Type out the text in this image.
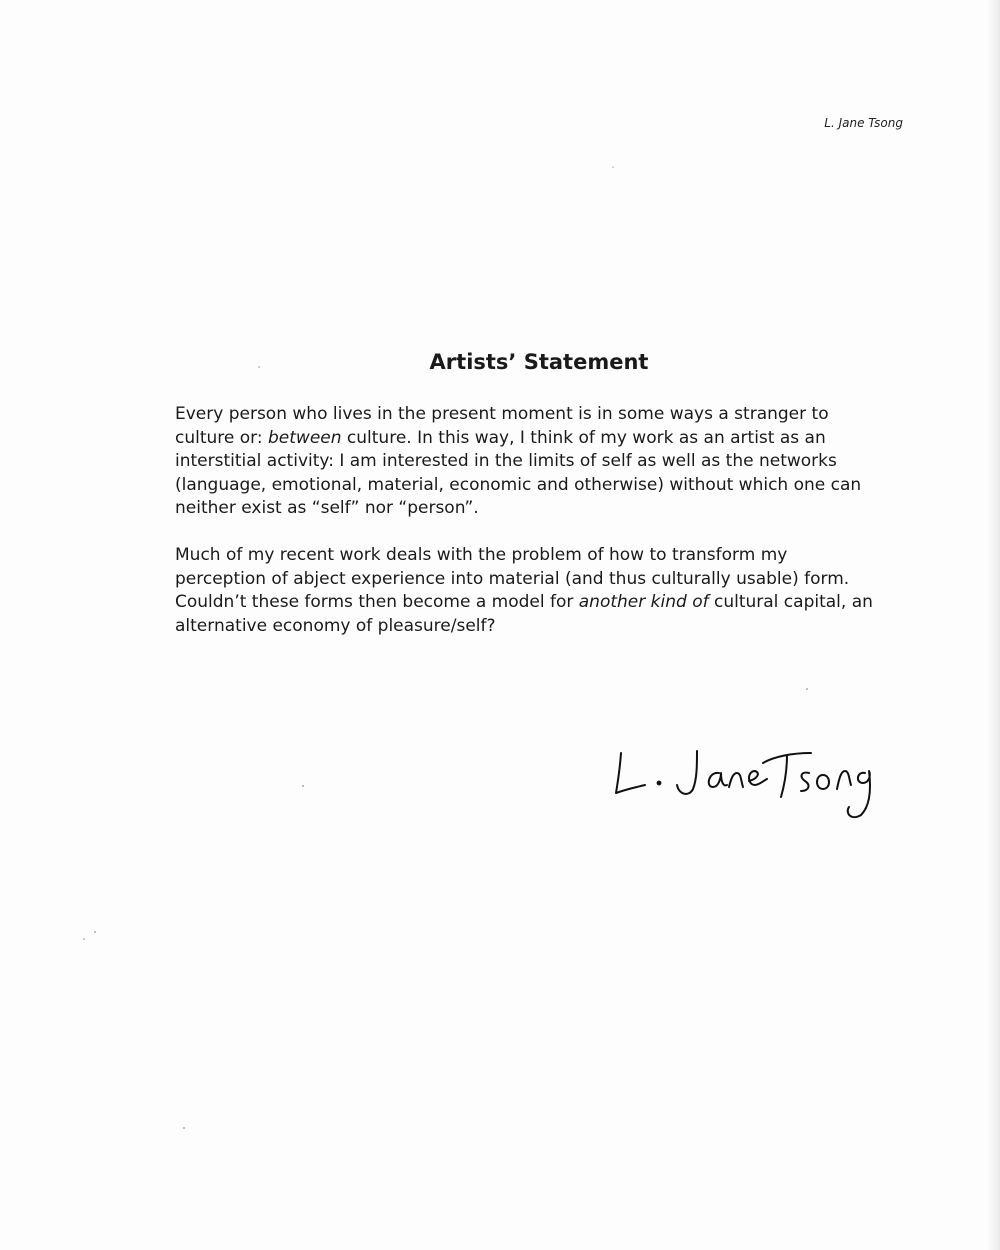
L. Jane Tsong
Artists’ Statement

Every person who lives in the present moment is in some ways a stranger to
culture or: between culture. In this way, I think of my work as an artist as an
interstitial activity: I am interested in the limits of self as well as the networks
(language, emotional, material, economic and otherwise) without which one can
neither exist as “self” nor “person”.

Much of my recent work deals with the problem of how to transform my
perception of abject experience into material (and thus culturally usable) form.
Couldn’t these forms then become a model for another kind of cultural capital, an
alternative economy of pleasure/self?
